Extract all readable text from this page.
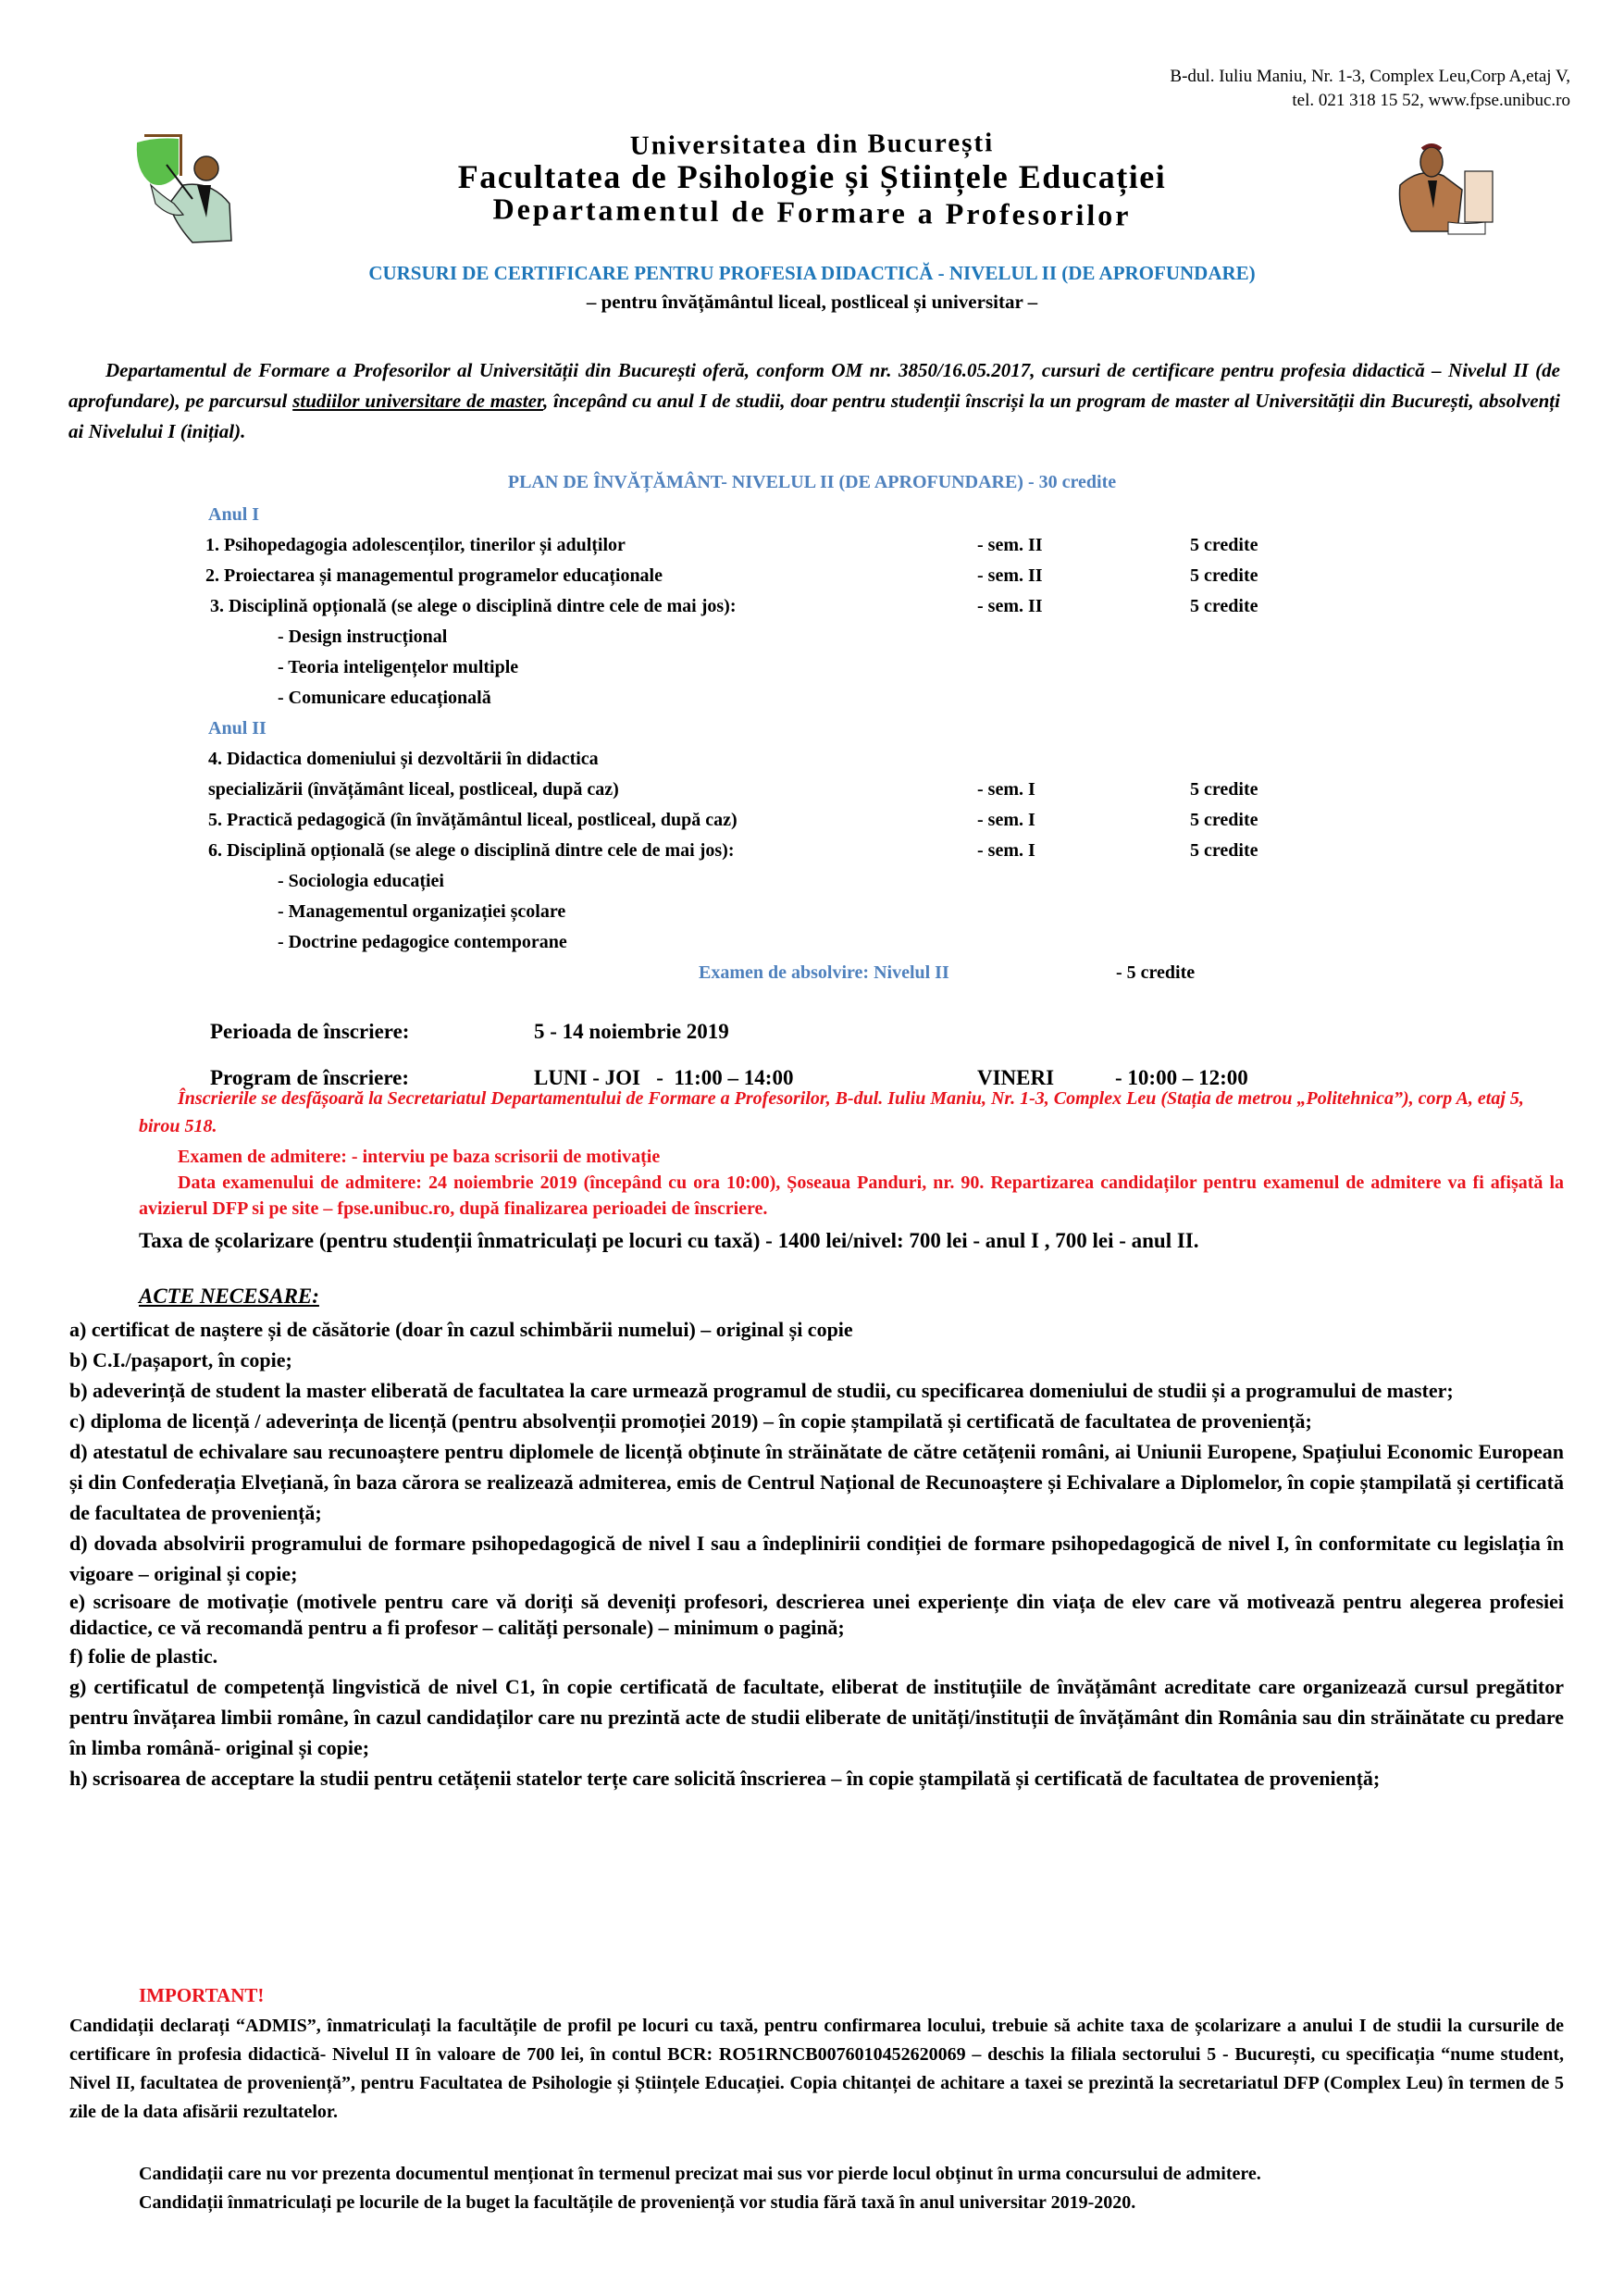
B-dul. Iuliu Maniu, Nr. 1-3, Complex Leu,Corp A,etaj V,
tel. 021 318 15 52, www.fpse.unibuc.ro
Universitatea din București
Facultatea de Psihologie și Științele Educației
Departamentul de Formare a Profesorilor
CURSURI DE CERTIFICARE PENTRU PROFESIA DIDACTICĂ - NIVELUL II (DE APROFUNDARE)
– pentru învățământul liceal, postliceal și universitar –
Departamentul de Formare a Profesorilor al Universității din București oferă, conform OM nr. 3850/16.05.2017, cursuri de certificare pentru profesia didactică – Nivelul II (de aprofundare), pe parcursul studiilor universitare de master, începând cu anul I de studii, doar pentru studenții înscriși la un program de master al Universității din București, absolvenți ai Nivelului I (inițial).
PLAN DE ÎNVĂȚĂMÂNT- NIVELUL II (DE APROFUNDARE) - 30 credite
Anul I
1. Psihopedagogia adolescenților, tinerilor și adulților	- sem. II	5 credite
2. Proiectarea și managementul programelor educaționale	- sem. II	5 credite
3. Disciplină opțională (se alege o disciplină dintre cele de mai jos):	- sem. II	5 credite
- Design instrucțional
- Teoria inteligențelor multiple
- Comunicare educațională
Anul II
4. Didactica domeniului și dezvoltării în didactica
specializării (învățământ liceal, postliceal, după caz)	- sem. I	5 credite
5. Practică pedagogică (în învățământul liceal, postliceal, după caz)	- sem. I	5 credite
6. Disciplină opțională (se alege o disciplină dintre cele de mai jos):	- sem. I	5 credite
- Sociologia educației
- Managementul organizației școlare
- Doctrine pedagogice contemporane
Examen de absolvire: Nivelul II	- 5 credite
Perioada de înscriere:	5 - 14 noiembrie 2019
Program de înscriere:	LUNI - JOI   -  11:00 – 14:00	VINERI	- 10:00 – 12:00
Înscrierile se desfășoară la Secretariatul Departamentului de Formare a Profesorilor, B-dul. Iuliu Maniu, Nr. 1-3, Complex Leu (Stația de metrou „Politehnica”), corp A, etaj 5, birou 518.
Examen de admitere: - interviu pe baza scrisorii de motivație
Data examenului de admitere: 24 noiembrie 2019 (începând cu ora 10:00), Șoseaua Panduri, nr. 90. Repartizarea candidaților pentru examenul de admitere va fi afișată la avizierul DFP si pe site – fpse.unibuc.ro, după finalizarea perioadei de înscriere.
Taxa de școlarizare (pentru studenții înmatriculați pe locuri cu taxă) - 1400 lei/nivel: 700 lei - anul I , 700 lei - anul II.
ACTE NECESARE:

a) certificat de naștere și de căsătorie (doar în cazul schimbării numelui) – original și copie

b) C.I./pașaport, în copie;

b) adeverință de student la master eliberată de facultatea la care urmează programul de studii, cu specificarea domeniului de studii și a programului de master;

c) diploma de licență / adeverința de licență (pentru absolvenții promoției 2019) – în copie ștampilată și certificată de facultatea de proveniență;

d) atestatul de echivalare sau recunoaștere pentru diplomele de licență obținute în străinătate de către cetățenii români, ai Uniunii Europene, Spațiului Economic European și din Confederația Elvețiană, în baza cărora se realizează admiterea, emis de Centrul Național de Recunoaștere și Echivalare a Diplomelor, în copie ștampilată și certificată de facultatea de proveniență;

d) dovada absolvirii programului de formare psihopedagogică de nivel I sau a îndeplinirii condiției de formare psihopedagogică de nivel I, în conformitate cu legislația în vigoare – original și copie;

e) scrisoare de motivație (motivele pentru care vă doriți să deveniți profesori, descrierea unei experiențe din viața de elev care vă motivează pentru alegerea profesiei didactice, ce vă recomandă pentru a fi profesor – calități personale) – minimum o pagină;

f) folie de plastic.

g) certificatul de competență lingvistică de nivel C1, în copie certificată de facultate, eliberat de instituțiile de învățământ acreditate care organizează cursul pregătitor pentru învățarea limbii române, în cazul candidaților care nu prezintă acte de studii eliberate de unități/instituții de învățământ din România sau din străinătate cu predare în limba română- original și copie;

h) scrisoarea de acceptare la studii pentru cetățenii statelor terțe care solicită înscrierea – în copie ștampilată și certificată de facultatea de proveniență;

IMPORTANT!
Candidații declarați “ADMIS”, înmatriculați la facultățile de profil pe locuri cu taxă, pentru confirmarea locului, trebuie să achite taxa de școlarizare a anului I de studii la cursurile de certificare în profesia didactică- Nivelul II în valoare de 700 lei, în contul BCR: RO51RNCB0076010452620069 – deschis la filiala sectorului 5 - București, cu specificația “nume student, Nivel II, facultatea de proveniență”, pentru Facultatea de Psihologie și Științele Educației. Copia chitanței de achitare a taxei se prezintă la secretariatul DFP (Complex Leu) în termen de 5 zile de la data afisării rezultatelor.

Candidații care nu vor prezenta documentul menționat în termenul precizat mai sus vor pierde locul obținut în urma concursului de admitere.

Candidații înmatriculați pe locurile de la buget la facultățile de proveniență vor studia fără taxă în anul universitar 2019-2020.
